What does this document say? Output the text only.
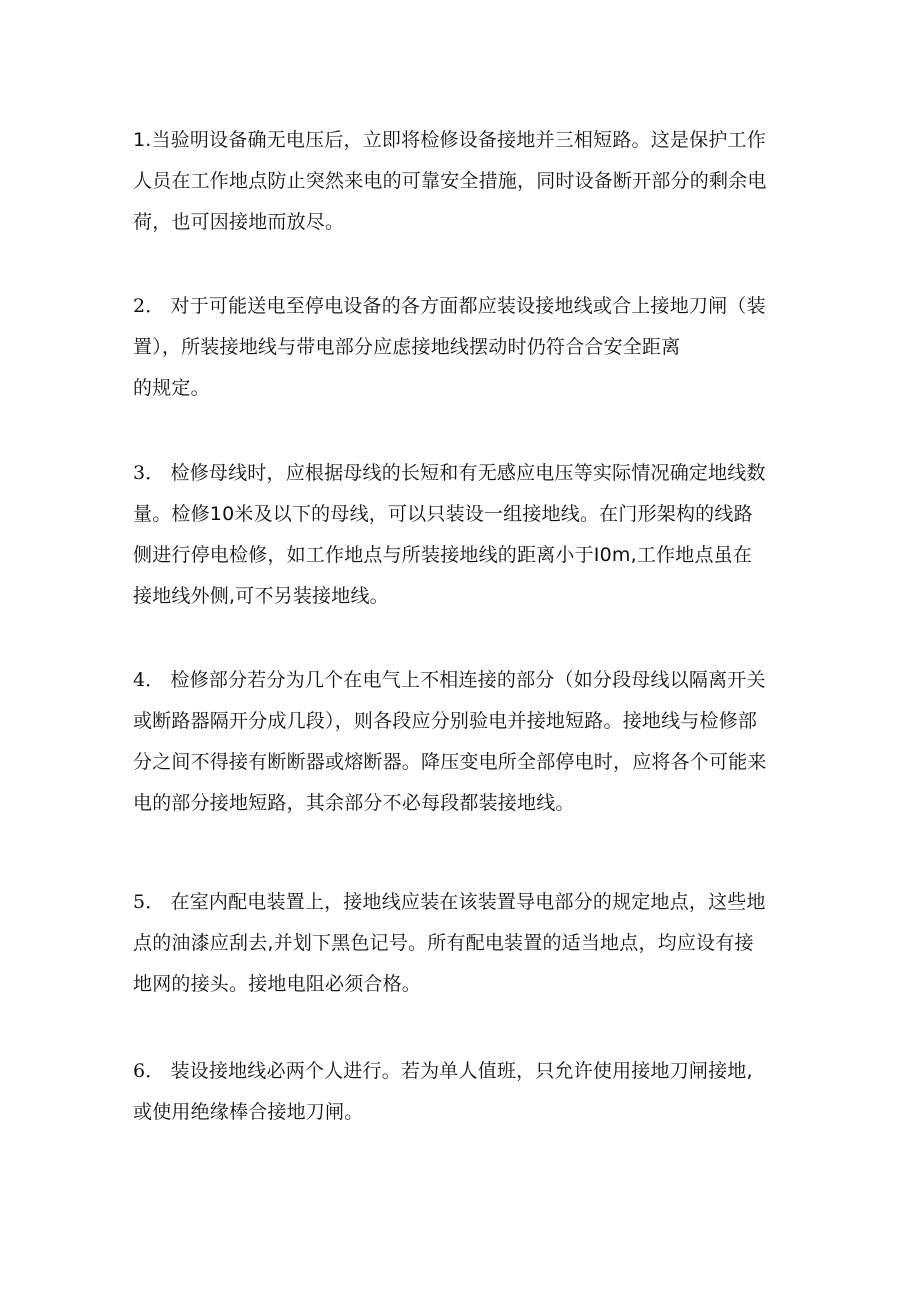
1.当验明设备确无电压后，立即将检修设备接地并三相短路。这是保护工作
人员在工作地点防止突然来电的可靠安全措施，同时设备断开部分的剩余电
荷，也可因接地而放尽。
2． 对于可能送电至停电设备的各方面都应装设接地线或合上接地刀闸（装
置），所装接地线与带电部分应虑接地线摆动时仍符合合安全距离
的规定。
3． 检修母线时，应根据母线的长短和有无感应电压等实际情况确定地线数
量。检修10米及以下的母线，可以只装设一组接地线。在门形架构的线路
侧进行停电检修，如工作地点与所装接地线的距离小于I0m,工作地点虽在
接地线外侧,可不另装接地线。
4． 检修部分若分为几个在电气上不相连接的部分（如分段母线以隔离开关
或断路器隔开分成几段），则各段应分别验电并接地短路。接地线与检修部
分之间不得接有断断器或熔断器。降压变电所全部停电时，应将各个可能来
电的部分接地短路，其余部分不必每段都装接地线。
5． 在室内配电装置上，接地线应装在该装置导电部分的规定地点，这些地
点的油漆应刮去,并划下黑色记号。所有配电装置的适当地点，均应设有接
地网的接头。接地电阻必须合格。
6． 装设接地线必两个人进行。若为单人值班，只允许使用接地刀闸接地,
或使用绝缘棒合接地刀闸。
